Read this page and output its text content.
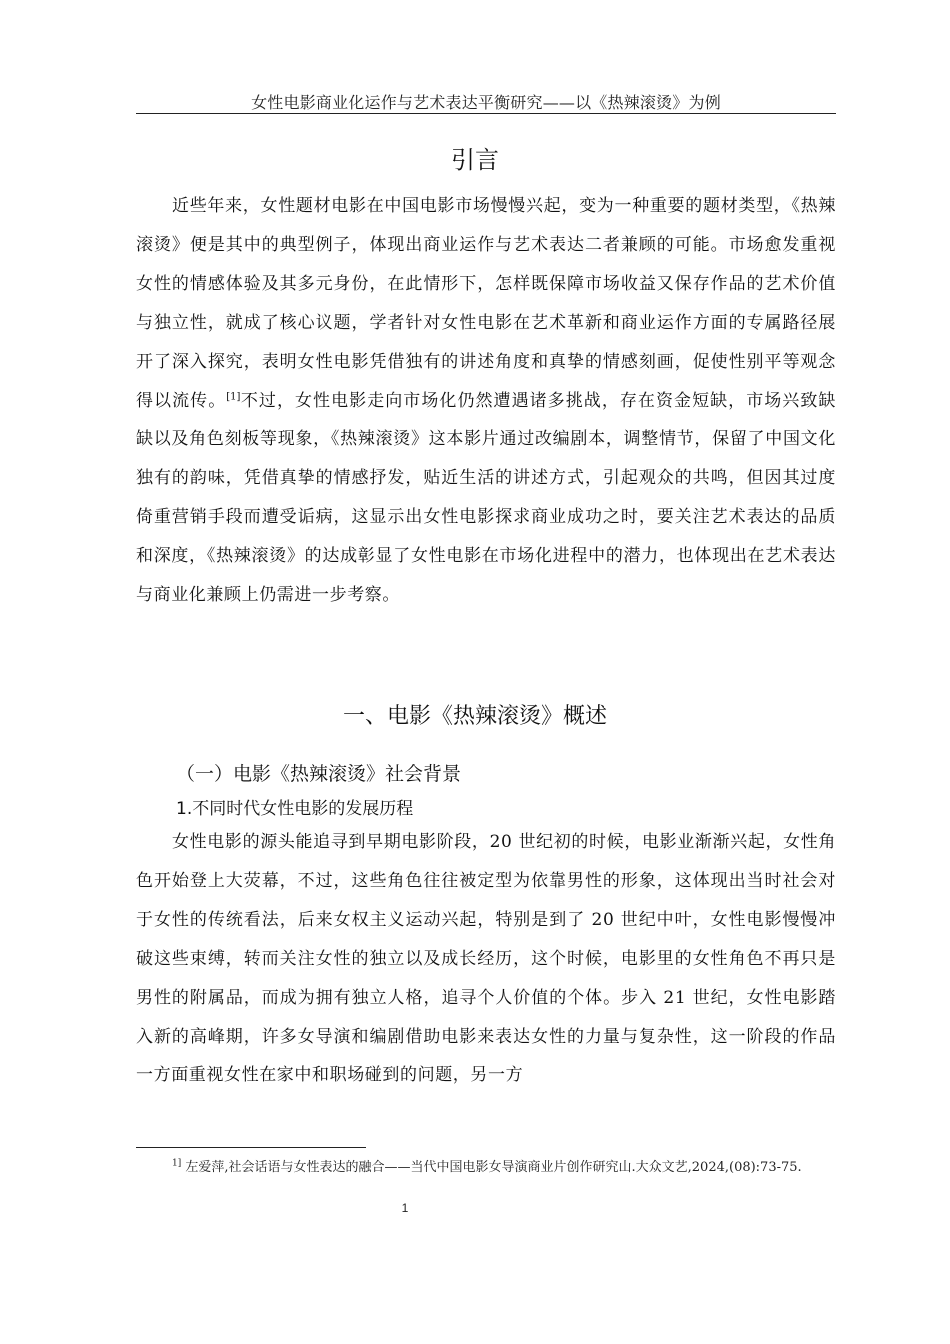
女性电影商业化运作与艺术表达平衡研究——以《热辣滚烫》为例
引言

近些年来，女性题材电影在中国电影市场慢慢兴起，变为一种重要的题材类型，《热辣滚烫》便是其中的典型例子，体现出商业运作与艺术表达二者兼顾的可能。市场愈发重视女性的情感体验及其多元身份，在此情形下，怎样既保障市场收益又保存作品的艺术价值与独立性，就成了核心议题，学者针对女性电影在艺术革新和商业运作方面的专属路径展开了深入探究，表明女性电影凭借独有的讲述角度和真挚的情感刻画，促使性别平等观念得以流传。[1]不过，女性电影走向市场化仍然遭遇诸多挑战，存在资金短缺，市场兴致缺缺以及角色刻板等现象，《热辣滚烫》这本影片通过改编剧本，调整情节，保留了中国文化独有的韵味，凭借真挚的情感抒发，贴近生活的讲述方式，引起观众的共鸣，但因其过度倚重营销手段而遭受诟病，这显示出女性电影探求商业成功之时，要关注艺术表达的品质和深度，《热辣滚烫》的达成彰显了女性电影在市场化进程中的潜力，也体现出在艺术表达与商业化兼顾上仍需进一步考察。

一、电影《热辣滚烫》概述
（一）电影《热辣滚烫》社会背景
1.不同时代女性电影的发展历程

女性电影的源头能追寻到早期电影阶段，20 世纪初的时候，电影业渐渐兴起，女性角色开始登上大荧幕，不过，这些角色往往被定型为依靠男性的形象，这体现出当时社会对于女性的传统看法，后来女权主义运动兴起，特别是到了 20 世纪中叶，女性电影慢慢冲破这些束缚，转而关注女性的独立以及成长经历，这个时候，电影里的女性角色不再只是男性的附属品，而成为拥有独立人格，追寻个人价值的个体。步入 21 世纪，女性电影踏入新的高峰期，许多女导演和编剧借助电影来表达女性的力量与复杂性，这一阶段的作品一方面重视女性在家中和职场碰到的问题，另一方

$^{1]}$ 左爱萍,社会话语与女性表达的融合——当代中国电影女导演商业片创作研究山.大众文艺,2024,(08):73-75.

1
